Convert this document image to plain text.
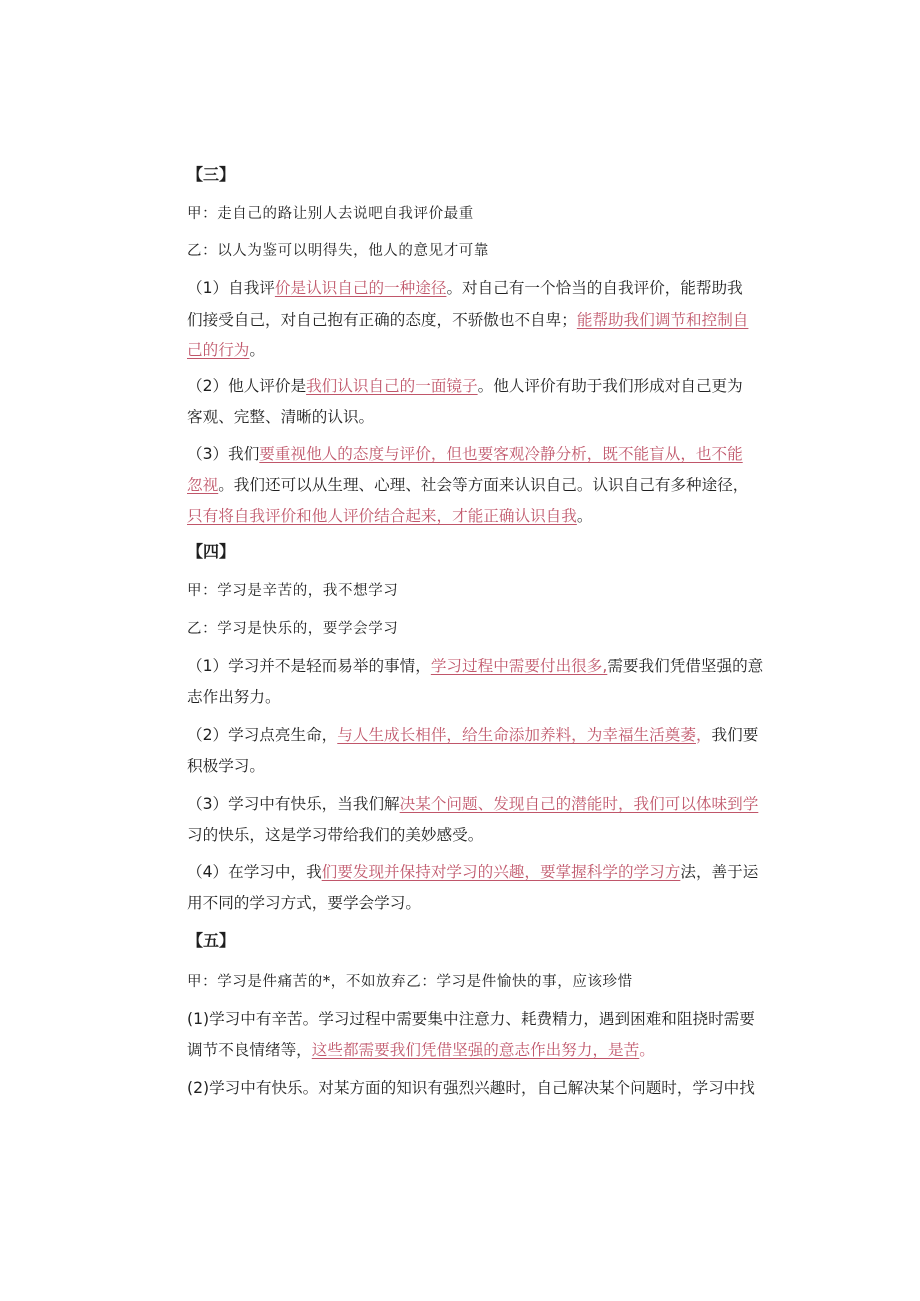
【三】
甲：走自己的路让别人去说吧自我评价最重
乙：以人为鉴可以明得失，他人的意见才可靠
（1）自我评价是认识自己的一种途径。对自己有一个恰当的自我评价，能帮助我
们接受自己，对自己抱有正确的态度，不骄傲也不自卑；能帮助我们调节和控制自
己的行为。
（2）他人评价是我们认识自己的一面镜子。他人评价有助于我们形成对自己更为
客观、完整、清晰的认识。
（3）我们要重视他人的态度与评价，但也要客观冷静分析，既不能盲从，也不能
忽视。我们还可以从生理、心理、社会等方面来认识自己。认识自己有多种途径，
只有将自我评价和他人评价结合起来，才能正确认识自我。
【四】
甲：学习是辛苦的，我不想学习
乙：学习是快乐的，要学会学习
（1）学习并不是轻而易举的事情，学习过程中需要付出很多,需要我们凭借坚强的意
志作出努力。
（2）学习点亮生命，与人生成长相伴，给生命添加养料，为幸福生活奠萎，我们要
积极学习。
（3）学习中有快乐，当我们解决某个问题、发现自己的潜能时，我们可以体味到学
习的快乐，这是学习带给我们的美妙感受。
（4）在学习中，我们要发现并保持对学习的兴趣，要掌握科学的学习方法，善于运
用不同的学习方式，要学会学习。
【五】
甲：学习是件痛苦的*，不如放弃乙：学习是件愉快的事，应该珍惜
(1)学习中有辛苦。学习过程中需要集中注意力、耗费精力，遇到困难和阻挠时需要
调节不良情绪等，这些都需要我们凭借坚强的意志作出努力，是苦。
(2)学习中有快乐。对某方面的知识有强烈兴趣时，自己解决某个问题时，学习中找
